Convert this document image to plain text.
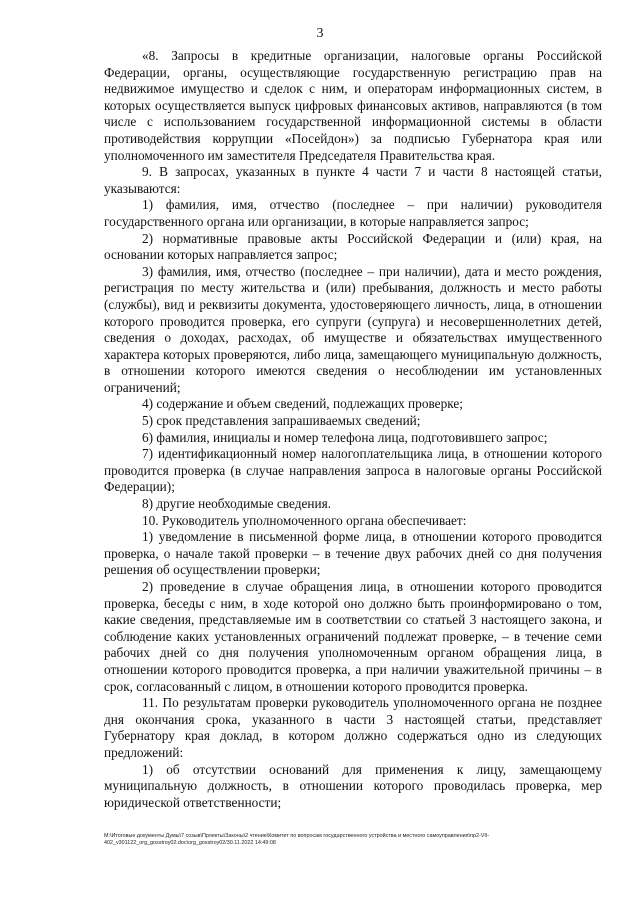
3

«8. Запросы в кредитные организации, налоговые органы Российской Федерации, органы, осуществляющие государственную регистрацию прав на недвижимое имущество и сделок с ним, и операторам информационных систем, в которых осуществляется выпуск цифровых финансовых активов, направляются (в том числе с использованием государственной информационной системы в области противодействия коррупции «Посейдон») за подписью Губернатора края или уполномоченного им заместителя Председателя Правительства края.

9. В запросах, указанных в пункте 4 части 7 и части 8 настоящей статьи, указываются:

1) фамилия, имя, отчество (последнее – при наличии) руководителя государственного органа или организации, в которые направляется запрос;

2) нормативные правовые акты Российской Федерации и (или) края, на основании которых направляется запрос;

3) фамилия, имя, отчество (последнее – при наличии), дата и место рождения, регистрация по месту жительства и (или) пребывания, должность и место работы (службы), вид и реквизиты документа, удостоверяющего личность, лица, в отношении которого проводится проверка, его супруги (супруга) и несовершеннолетних детей, сведения о доходах, расходах, об имуществе и обязательствах имущественного характера которых проверяются, либо лица, замещающего муниципальную должность, в отношении которого имеются сведения о несоблюдении им установленных ограничений;

4) содержание и объем сведений, подлежащих проверке;

5) срок представления запрашиваемых сведений;

6) фамилия, инициалы и номер телефона лица, подготовившего запрос;

7) идентификационный номер налогоплательщика лица, в отношении которого проводится проверка (в случае направления запроса в налоговые органы Российской Федерации);

8) другие необходимые сведения.

10. Руководитель уполномоченного органа обеспечивает:

1) уведомление в письменной форме лица, в отношении которого проводится проверка, о начале такой проверки – в течение двух рабочих дней со дня получения решения об осуществлении проверки;

2) проведение в случае обращения лица, в отношении которого проводится проверка, беседы с ним, в ходе которой оно должно быть проинформировано о том, какие сведения, представляемые им в соответствии со статьей 3 настоящего закона, и соблюдение каких установленных ограничений подлежат проверке, – в течение семи рабочих дней со дня получения уполномоченным органом обращения лица, в отношении которого проводится проверка, а при наличии уважительной причины – в срок, согласованный с лицом, в отношении которого проводится проверка.

11. По результатам проверки руководитель уполномоченного органа не позднее дня окончания срока, указанного в части 3 настоящей статьи, представляет Губернатору края доклад, в котором должно содержаться одно из следующих предложений:

1) об отсутствии оснований для применения к лицу, замещающему муниципальную должность, в отношении которого проводилась проверка, мер юридической ответственности;

M:\Итоговые документы Думы\7 созыв\Проекты\Законы\2 чтение\Комитет по вопросам государственного устройства и местного самоуправления\пр2-VII-
402_v301122_org_gosstroy02.doc\org_gosstroy02/30.11.2022 14:49:08
